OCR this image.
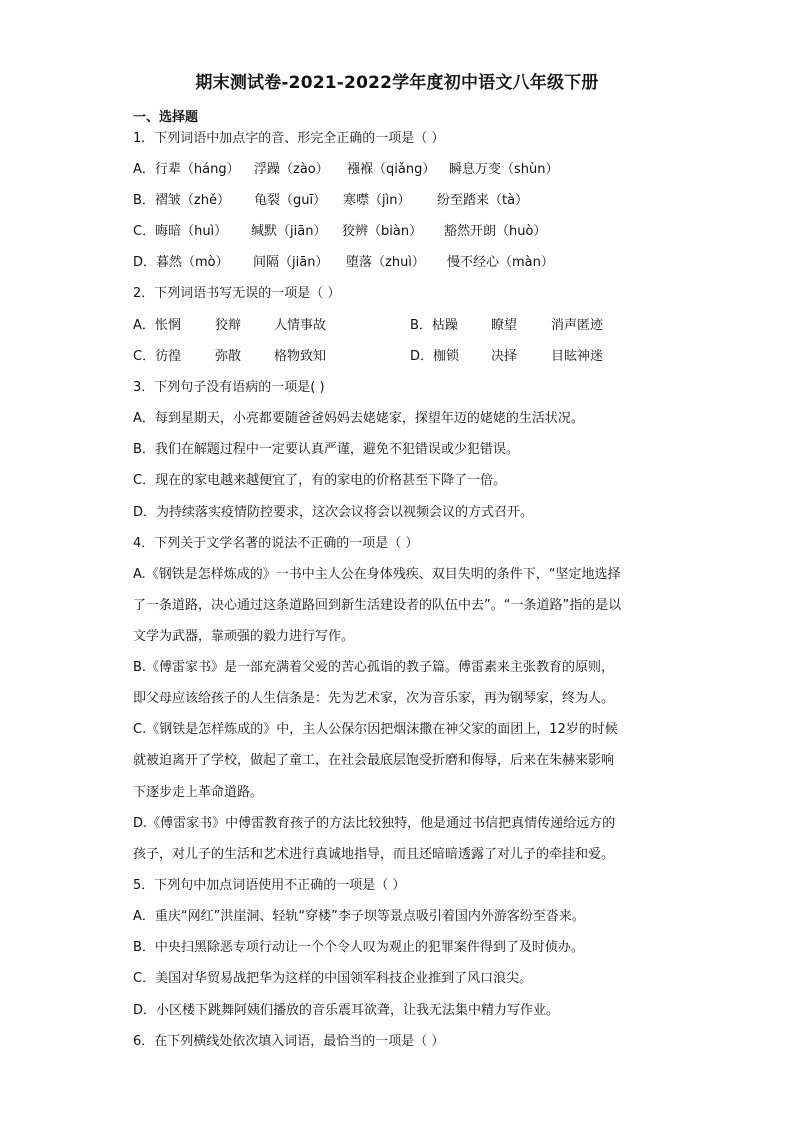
期末测试卷-2021-2022学年度初中语文八年级下册
一、选择题
1．下列词语中加点字的音、形完全正确的一项是（ ）
A．行辈（háng） 浮躁（zào） 襁褓（qiǎng） 瞬息万变（shùn）
B．褶皱（zhě） 龟裂（guī） 寒噤（jìn） 纷至踏来（tà）
C．晦暗（huì） 缄默（jiān） 狡辨（biàn） 豁然开朗（huò）
D．暮然（mò） 间隔（jiān） 堕落（zhuì） 慢不经心（màn）
2．下列词语书写无误的一项是（ ）
A．怅惘	狡辩	人情事故	B．枯躁	瞭望	消声匿迹
C．彷徨	弥散	格物致知	D．枷锁 决择	目眩神迷
3．下列句子没有语病的一项是( )
A．每到星期天，小亮都要随爸爸妈妈去姥姥家，探望年迈的姥姥的生活状况。
B．我们在解题过程中一定要认真严谨，避免不犯错误或少犯错误。
C．现在的家电越来越便宜了，有的家电的价格甚至下降了一倍。
D．为持续落实疫情防控要求，这次会议将会以视频会议的方式召开。
4．下列关于文学名著的说法不正确的一项是（ ）
A.《钢铁是怎样炼成的》一书中主人公在身体残疾、双目失明的条件下，“坚定地选择
了一条道路，决心通过这条道路回到新生活建设者的队伍中去”。“一条道路”指的是以
文学为武器，靠顽强的毅力进行写作。
B.《傅雷家书》是一部充满着父爱的苦心孤诣的教子篇。傅雷素来主张教育的原则，
即父母应该给孩子的人生信条是：先为艺术家，次为音乐家，再为钢琴家，终为人。
C.《钢铁是怎样炼成的》中，主人公保尔因把烟沫撒在神父家的面团上，12岁的时候
就被迫离开了学校，做起了童工，在社会最底层饱受折磨和侮辱，后来在朱赫来影响
下逐步走上革命道路。
D.《傅雷家书》中傅雷教育孩子的方法比较独特，他是通过书信把真情传递给远方的
孩子，对儿子的生活和艺术进行真诚地指导，而且还暗暗透露了对儿子的牵挂和爱。
5．下列句中加点词语使用不正确的一项是（ ）
A．重庆“网红”洪崖洞、轻轨“穿楼”李子坝等景点吸引着国内外游客纷至沓来。
B．中央扫黑除恶专项行动让一个个令人叹为观止的犯罪案件得到了及时侦办。
C．美国对华贸易战把华为这样的中国领军科技企业推到了风口浪尖。
D．小区楼下跳舞阿姨们播放的音乐震耳欲聋，让我无法集中精力写作业。
6．在下列横线处依次填入词语，最恰当的一项是（ ）
